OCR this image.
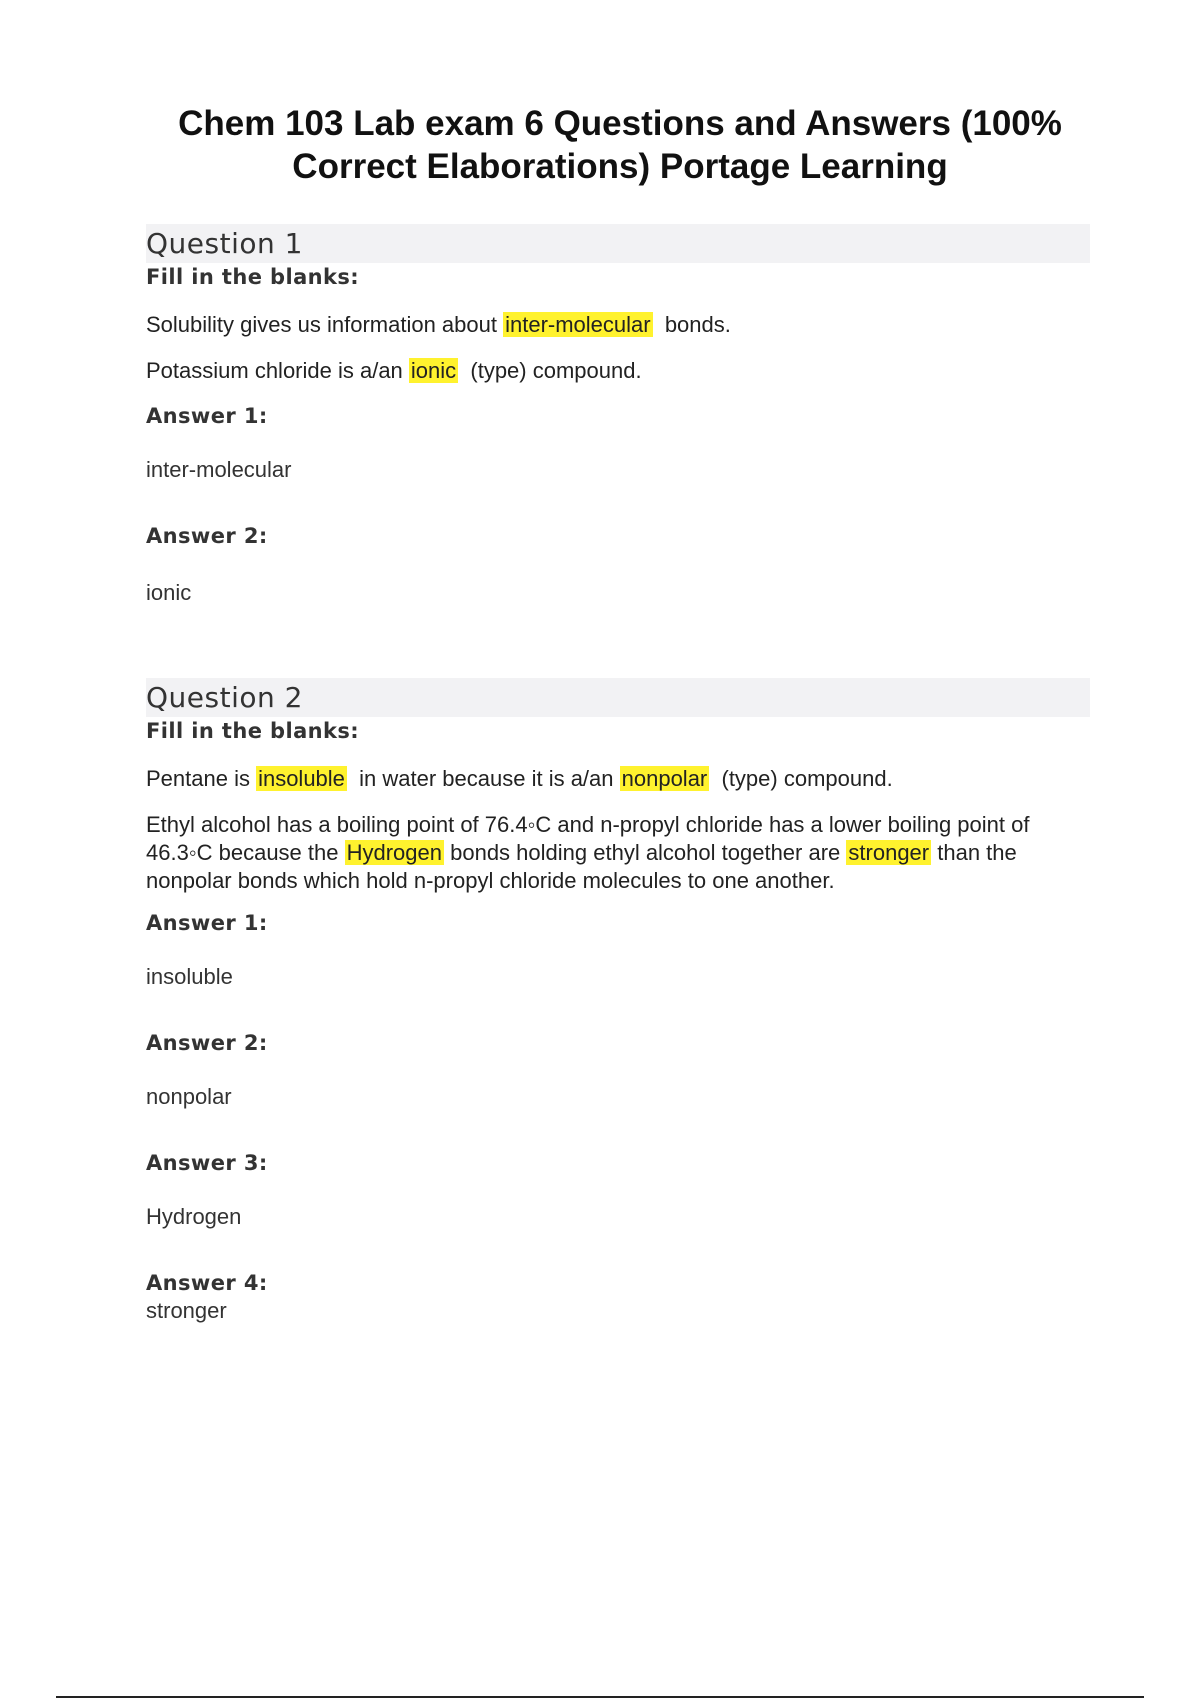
Chem 103 Lab exam 6 Questions and Answers (100%
Correct Elaborations) Portage Learning
Question 1
Fill in the blanks:

Solubility gives us information about inter-molecular  bonds.

Potassium chloride is a/an ionic  (type) compound.

Answer 1:
inter-molecular
Answer 2:
ionic
Question 2
Fill in the blanks:

Pentane is insoluble  in water because it is a/an nonpolar  (type) compound.

Ethyl alcohol has a boiling point of 76.4◦C and n-propyl chloride has a lower boiling point of 46.3◦C because the Hydrogen bonds holding ethyl alcohol together are stronger than the nonpolar bonds which hold n-propyl chloride molecules to one another.

Answer 1:
insoluble
Answer 2:
nonpolar
Answer 3:
Hydrogen
Answer 4:
stronger
